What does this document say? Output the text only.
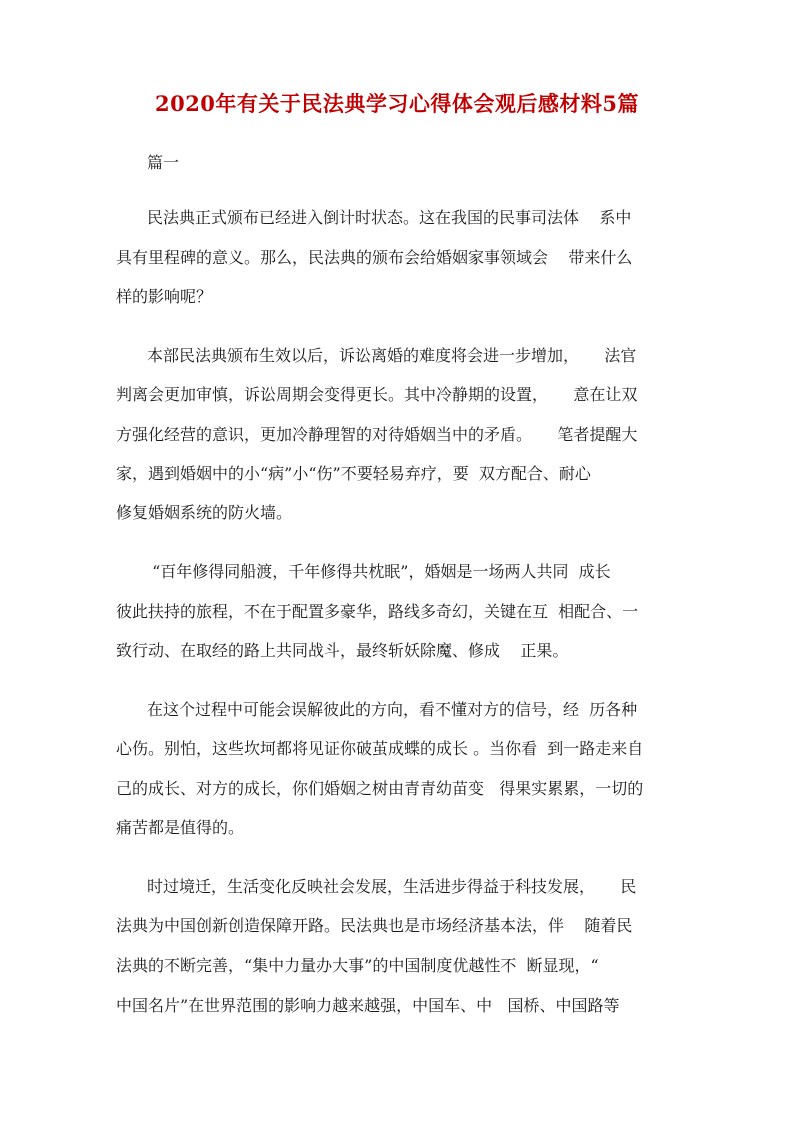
2020年有关于民法典学习心得体会观后感材料5篇
篇一
民法典正式颁布已经进入倒计时状态。这在我国的民事司法体    系中
具有里程碑的意义。那么，民法典的颁布会给婚姻家事领域会    带来什么
样的影响呢？
本部民法典颁布生效以后，诉讼离婚的难度将会进一步增加，     法官
判离会更加审慎，诉讼周期会变得更长。其中冷静期的设置，     意在让双
方强化经营的意识，更加冷静理智的对待婚姻当中的矛盾。     笔者提醒大
家，遇到婚姻中的小“病”小“伤”不要轻易弃疗，要  双方配合、耐心
修复婚姻系统的防火墙。
“百年修得同船渡，千年修得共枕眠”，婚姻是一场两人共同  成长
彼此扶持的旅程，不在于配置多豪华，路线多奇幻，关键在互  相配合、一
致行动、在取经的路上共同战斗，最终斩妖除魔、修成    正果。
在这个过程中可能会误解彼此的方向，看不懂对方的信号，经  历各种
心伤。别怕，这些坎坷都将见证你破茧成蝶的成长 。当你看  到一路走来自
己的成长、对方的成长，你们婚姻之树由青青幼苗变   得果实累累，一切的
痛苦都是值得的。
时过境迁，生活变化反映社会发展，生活进步得益于科技发展，     民
法典为中国创新创造保障开路。民法典也是市场经济基本法，伴    随着民
法典的不断完善，“集中力量办大事”的中国制度优越性不  断显现，“
中国名片”在世界范围的影响力越来越强，中国车、中   国桥、中国路等
